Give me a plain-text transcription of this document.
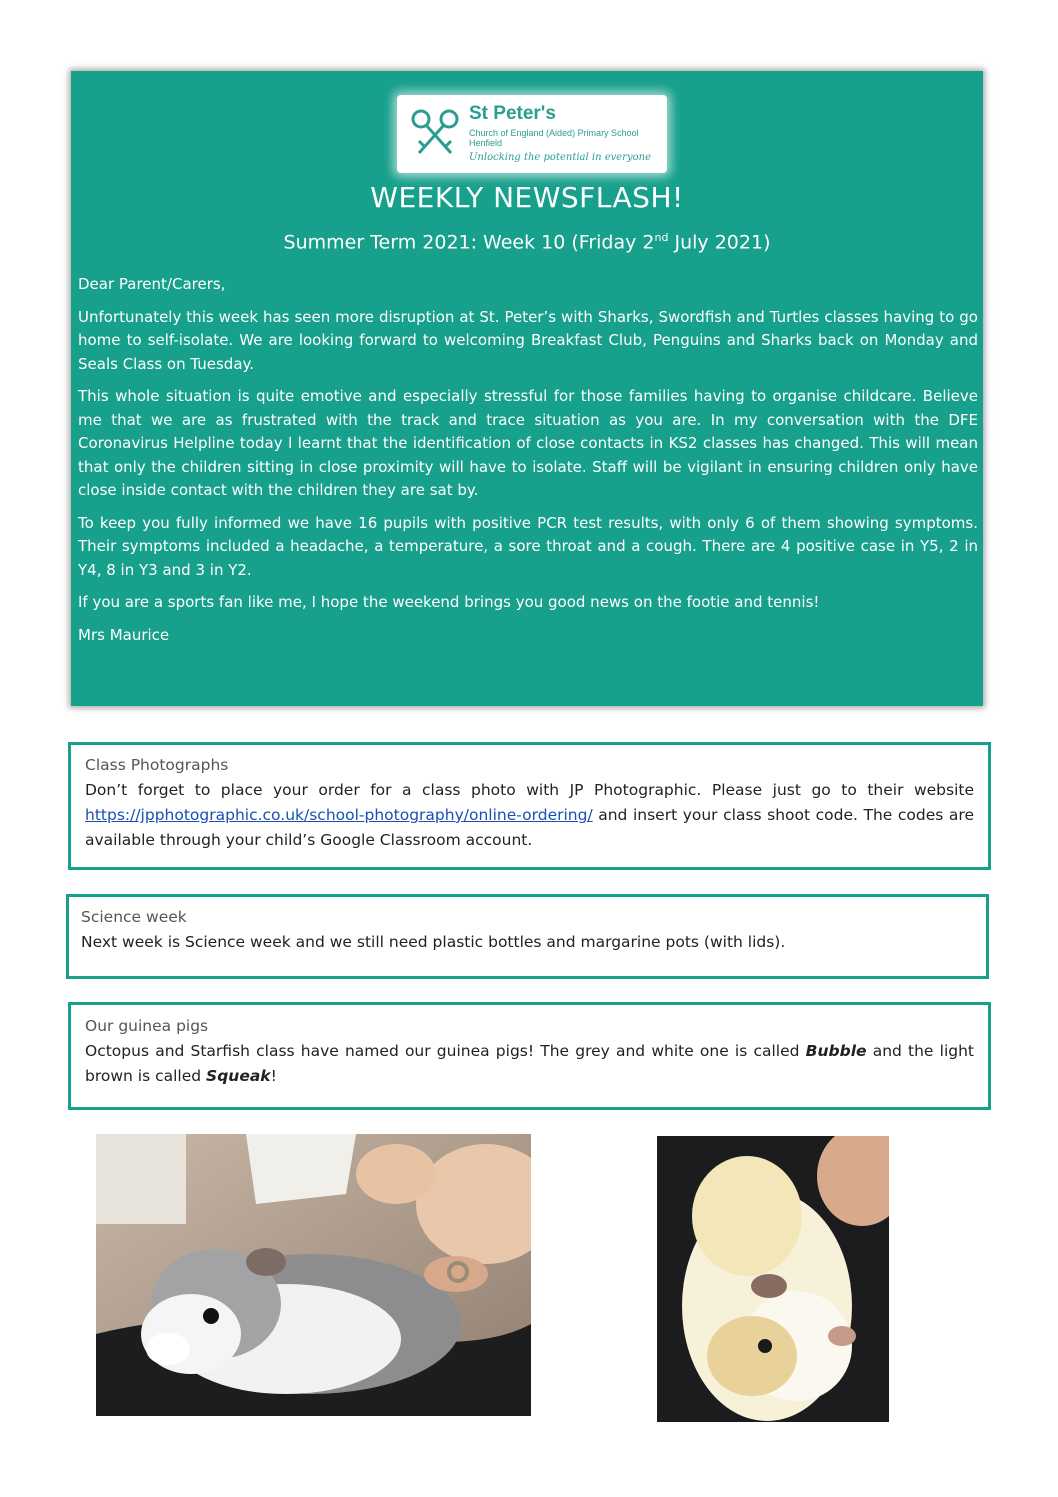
St Peter's
Church of England (Aided) Primary School
Henfield
Unlocking the potential in everyone
WEEKLY NEWSFLASH!
Summer Term 2021: Week 10 (Friday 2nd July 2021)

Dear Parent/Carers,

Unfortunately this week has seen more disruption at St. Peter’s with Sharks, Swordfish and Turtles classes having to go home to self-isolate. We are looking forward to welcoming Breakfast Club, Penguins and Sharks back on Monday and Seals Class on Tuesday.

This whole situation is quite emotive and especially stressful for those families having to organise childcare. Believe me that we are as frustrated with the track and trace situation as you are. In my conversation with the DFE Coronavirus Helpline today I learnt that the identification of close contacts in KS2 classes has changed. This will mean that only the children sitting in close proximity will have to isolate. Staff will be vigilant in ensuring children only have close inside contact with the children they are sat by.

To keep you fully informed we have 16 pupils with positive PCR test results, with only 6 of them showing symptoms. Their symptoms included a headache, a temperature, a sore throat and a cough. There are 4 positive case in Y5, 2 in Y4, 8 in Y3 and 3 in Y2.

If you are a sports fan like me, I hope the weekend brings you good news on the footie and tennis!

Mrs Maurice

Class Photographs
Don’t forget to place your order for a class photo with JP Photographic. Please just go to their website https://jpphotographic.co.uk/school-photography/online-ordering/ and insert your class shoot code. The codes are available through your child’s Google Classroom account.
Science week
Next week is Science week and we still need plastic bottles and margarine pots (with lids).
Our guinea pigs
Octopus and Starfish class have named our guinea pigs! The grey and white one is called Bubble and the light brown is called Squeak!
